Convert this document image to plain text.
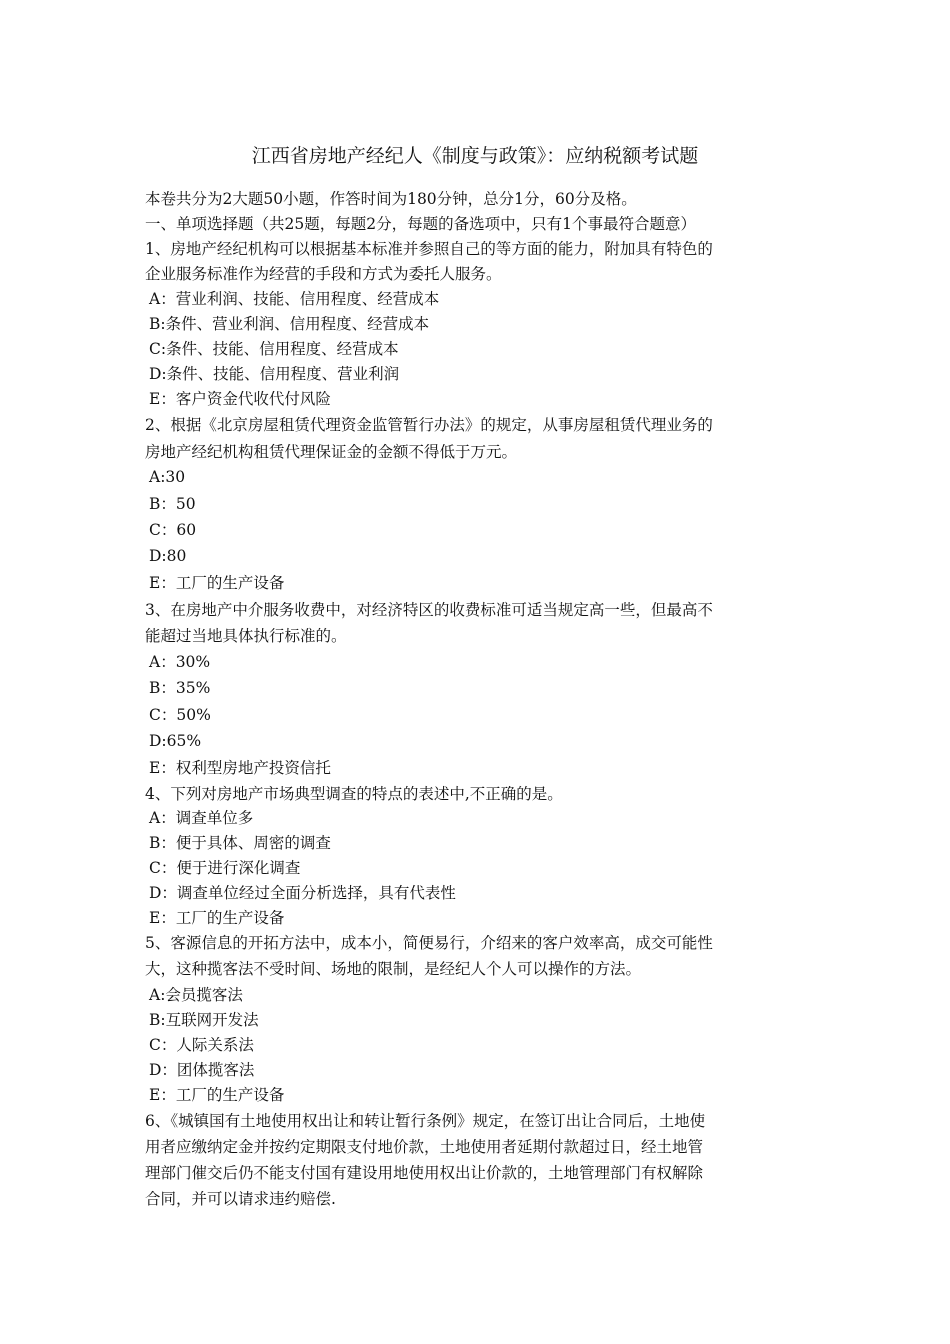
江西省房地产经纪人《制度与政策》：应纳税额考试题
本卷共分为2大题50小题，作答时间为180分钟，总分1分，60分及格。
一、单项选择题（共25题，每题2分，每题的备选项中，只有1个事最符合题意）
1、房地产经纪机构可以根据基本标准并参照自己的等方面的能力，附加具有特色的
企业服务标准作为经营的手段和方式为委托人服务。
A：营业利润、技能、信用程度、经营成本
B:条件、营业利润、信用程度、经营成本
C:条件、技能、信用程度、经营成本
D:条件、技能、信用程度、营业利润
E：客户资金代收代付风险
2、根据《北京房屋租赁代理资金监管暂行办法》的规定，从事房屋租赁代理业务的
房地产经纪机构租赁代理保证金的金额不得低于万元。
A:30
B：50
C：60
D:80
E：工厂的生产设备
3、在房地产中介服务收费中，对经济特区的收费标准可适当规定高一些，但最高不
能超过当地具体执行标准的。
A：30%
B：35%
C：50%
D:65%
E：权利型房地产投资信托
4、下列对房地产市场典型调查的特点的表述中,不正确的是。
A：调查单位多
B：便于具体、周密的调查
C：便于进行深化调查
D：调查单位经过全面分析选择，具有代表性
E：工厂的生产设备
5、客源信息的开拓方法中，成本小，简便易行，介绍来的客户效率高，成交可能性
大，这种揽客法不受时间、场地的限制，是经纪人个人可以操作的方法。
A:会员揽客法
B:互联网开发法
C：人际关系法
D：团体揽客法
E：工厂的生产设备
6、《城镇国有土地使用权出让和转让暂行条例》规定，在签订出让合同后，土地使
用者应缴纳定金并按约定期限支付地价款，土地使用者延期付款超过日，经土地管
理部门催交后仍不能支付国有建设用地使用权出让价款的，土地管理部门有权解除
合同，并可以请求违约赔偿.
